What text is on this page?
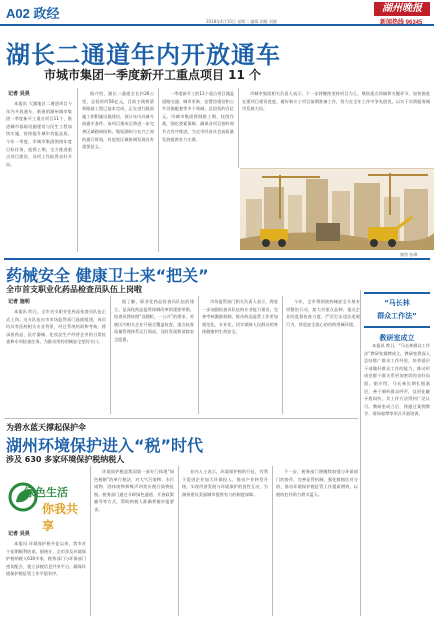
A02 政经
2018年4月10日 星期二 编辑 胡敏 刘晓
湖州晚报
新闻热线 96345
湖长二通道年内开放通车
市城市集团一季度新开工重点项目 11 个
记者 吴昊
本报讯 大湖地区二通道项目今年内开放通车，新建的湖州城市集团一季度新开工重点项目11个，推进城市基础设施建设与民生工程加快实施，持续提升城市功能品质。今年一季度，市城市集团围绕年度目标任务，抢抓工期，全力推进重点项目建设，各项工作取得良好开局。
据介绍，湖长二通道全长约26公里，总投资约56亿元，目前主线桥梁和路基工程已基本完成，正在进行路面施工和附属设施建设，预计年内具备开放通车条件。该项目建成后将进一步完善区域路网结构，缩短湖州与长兴之间的通行时间，对促进区域协调发展具有重要意义。
一季度新开工的11个重点项目涵盖道路交通、城市更新、安置房建设和公共设施配套等多个领域，总投资约百亿元。市城市集团将倒排工期、挂图作战，强化要素保障，确保各项目按时间节点有序推进，为全市经济社会高质量发展提供有力支撑。
市城市集团相关负责人表示，下一步将继续坚持项目为王，聚焦重点领域和关键环节，加快推进在建项目建设进度，做好新开工项目前期准备工作，努力在全年工作中争先创优，以实干实绩服务城市发展大局。
制图 张琳
药械安全 健康卫士来“把关”
全市首支职业化药品检查员队伍上岗啦
记者 施明
本报讯 昨日，全市首支职业化药品检查员队伍正式上岗。这支队伍由市市场监管部门选拔组建，成员均具有医药相关专业背景，经过系统培训和考核，将承担药品、医疗器械、化妆品生产经营企业的日常检查和专项检查任务，为群众用药用械安全把好关口。
据了解，职业化药品检查员队伍的建立，是深化药品监管体制改革的重要举措。检查员将按照“双随机、一公开”的要求，对辖区内相关企业开展全覆盖检查，重点检查质量管理体系运行情况，及时发现和消除安全隐患。
市场监管部门相关负责人表示，将进一步加强检查员队伍的专业能力建设，完善考核激励机制，推动药品监管工作更加规范化、专业化，切实保障人民群众的身体健康和生命安全。
今年，全市将围绕药械安全开展专项整治行动，加大对重点品种、重点企业的监督检查力度，严厉打击违法违规行为，营造安全放心的用药用械环境。
“马长林
群众工作法”
教研室成立
本报讯 昨日，“马长林群众工作法”教研室揭牌成立。教研室将深入总结推广群众工作经验，培养基层干部做好群众工作的能力，推动形成党群干群关系更加密切的良好局面。据介绍，马长林长期扎根基层，善于倾听群众呼声，及时化解矛盾纠纷，其工作方法得到广泛认可。教研室成立后，将通过案例教学、现场观摩等形式开展培训。
为碧水蓝天撑起保护伞
湖州环境保护进入“税”时代
涉及 630 多家环境保护税纳税人
绿色生活
你我共享
记者 吴昊
本报讯 环境保护税开征以来，我市首个征期顺利结束。据统计，全市涉及环境保护税纳税人630多家，税务部门与环保部门密切配合，建立涉税信息共享平台，确保环境保护税征管工作平稳有序。
环境保护税是我国第一部专门体现“绿色税制”的单行税法，对大气污染物、水污染物、固体废物和噪声四类应税污染物征税。税务部门通过开辟绿色通道、开展政策辅导等方式，帮助纳税人准确掌握申报要求。
业内人士表示，环境保护税的开征，有利于促进企业加大环保投入，推动产业转型升级，实现经济发展与环境保护的良性互动，为湖州建设美丽城市提供有力的制度保障。
下一步，税务部门将继续加强与环保部门的协作，完善征管机制，强化数据比对分析，推动环境保护税征管工作提质增效，以税收杠杆助力碧水蓝天。
